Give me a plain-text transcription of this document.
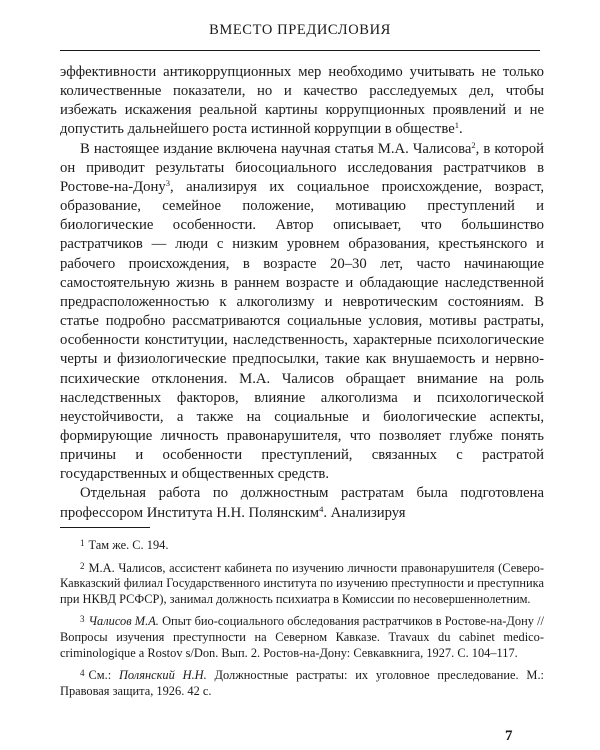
ВМЕСТО ПРЕДИСЛОВИЯ

эффективности антикоррупционных мер необходимо учитывать не только количественные показатели, но и качество расследуемых дел, чтобы избежать искажения реальной картины коррупционных проявлений и не допустить дальнейшего роста истинной коррупции в обществе$^1$.

В настоящее издание включена научная статья М.А. Чалисова$^2$, в которой он приводит результаты биосоциального исследования растратчиков в Ростове-на-Дону$^3$, анализируя их социальное происхождение, возраст, образование, семейное положение, мотивацию преступлений и биологические особенности. Автор описывает, что большинство растратчиков — люди с низким уровнем образования, крестьянского и рабочего происхождения, в возрасте 20–30 лет, часто начинающие самостоятельную жизнь в раннем возрасте и обладающие наследственной предрасположенностью к алкоголизму и невротическим состояниям. В статье подробно рассматриваются социальные условия, мотивы растраты, особенности конституции, наследственность, характерные психологические черты и физиологические предпосылки, такие как внушаемость и нервно-психические отклонения. М.А. Чалисов обращает внимание на роль наследственных факторов, влияние алкоголизма и психологической неустойчивости, а также на социальные и биологические аспекты, формирующие личность правонарушителя, что позволяет глубже понять причины и особенности преступлений, связанных с растратой государственных и общественных средств.

Отдельная работа по должностным растратам была подготовлена профессором Института Н.Н. Полянским$^4$. Анализируя

$^1$ Там же. С. 194.

$^2$ М.А. Чалисов, ассистент кабинета по изучению личности правонарушителя (Северо-Кавказский филиал Государственного института по изучению преступности и преступника при НКВД РСФСР), занимал должность психиатра в Комиссии по несовершеннолетним.

$^3$ Чалисов М.А. Опыт био-социального обследования растратчиков в Ростове-на-Дону // Вопросы изучения преступности на Северном Кавказе. Travaux du cabinet medico-criminologique a Rostov s/Don. Вып. 2. Ростов-на-Дону: Севкавкнига, 1927. С. 104–117.

$^4$ См.: Полянский Н.Н. Должностные растраты: их уголовное преследование. М.: Правовая защита, 1926. 42 с.

7
